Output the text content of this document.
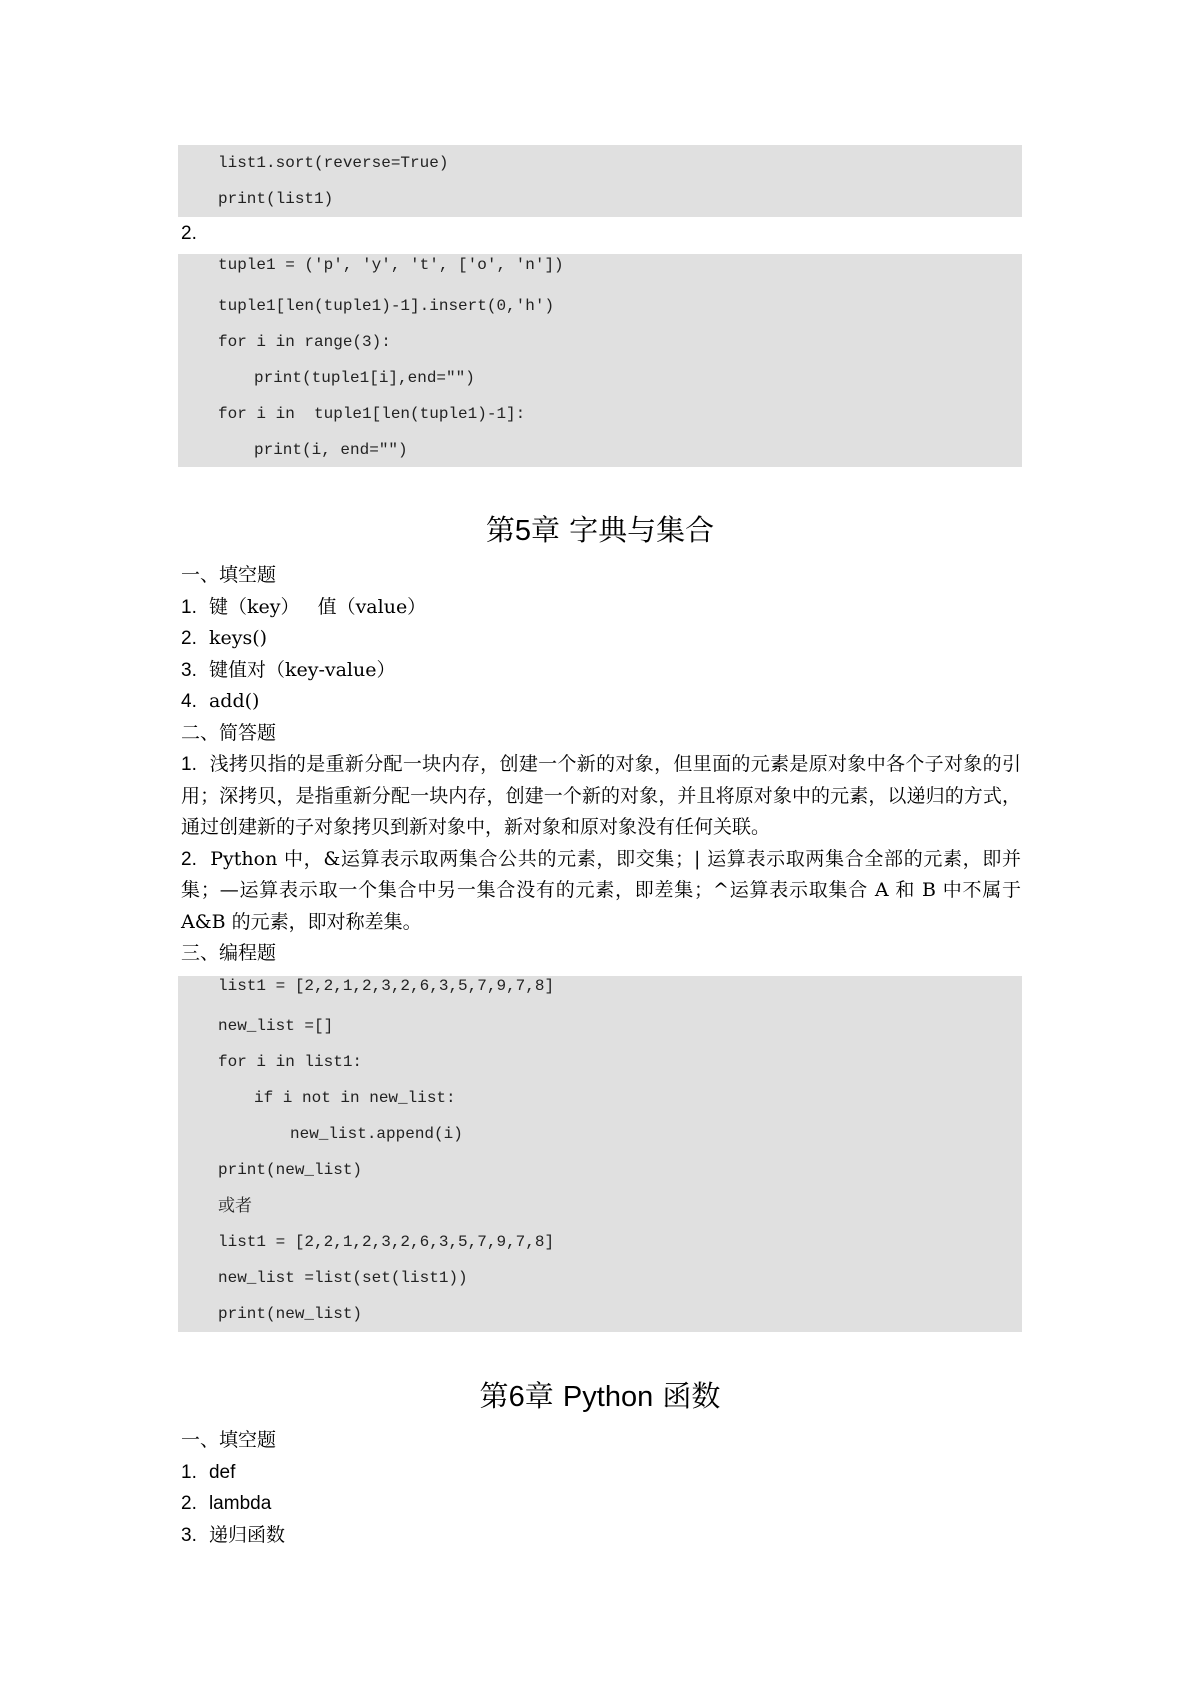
list1.sort(reverse=True)
print(list1)
2.
tuple1 = ('p', 'y', 't', ['o', 'n'])
tuple1[len(tuple1)-1].insert(0,'h')
for i in range(3):
print(tuple1[i],end="")
for i in  tuple1[len(tuple1)-1]:
print(i, end="")
第5章 字典与集合
一、填空题
1. 键（key）   值（value）
2. keys()
3. 键值对（key-value）
4. add()
二、简答题
1. 浅拷贝指的是重新分配一块内存，创建一个新的对象，但里面的元素是原对象中各个子对象的引用；深拷贝，是指重新分配一块内存，创建一个新的对象，并且将原对象中的元素，以递归的方式，通过创建新的子对象拷贝到新对象中，新对象和原对象没有任何关联。
2. Python 中，&运算表示取两集合公共的元素，即交集；| 运算表示取两集合全部的元素，即并集；—运算表示取一个集合中另一集合没有的元素，即差集；^运算表示取集合 A 和 B 中不属于 A&B 的元素，即对称差集。
三、编程题
list1 = [2,2,1,2,3,2,6,3,5,7,9,7,8]
new_list =[]
for i in list1:
if i not in new_list:
new_list.append(i)
print(new_list)
或者
list1 = [2,2,1,2,3,2,6,3,5,7,9,7,8]
new_list =list(set(list1))
print(new_list)
第6章 Python 函数
一、填空题
1. def
2. lambda
3. 递归函数
